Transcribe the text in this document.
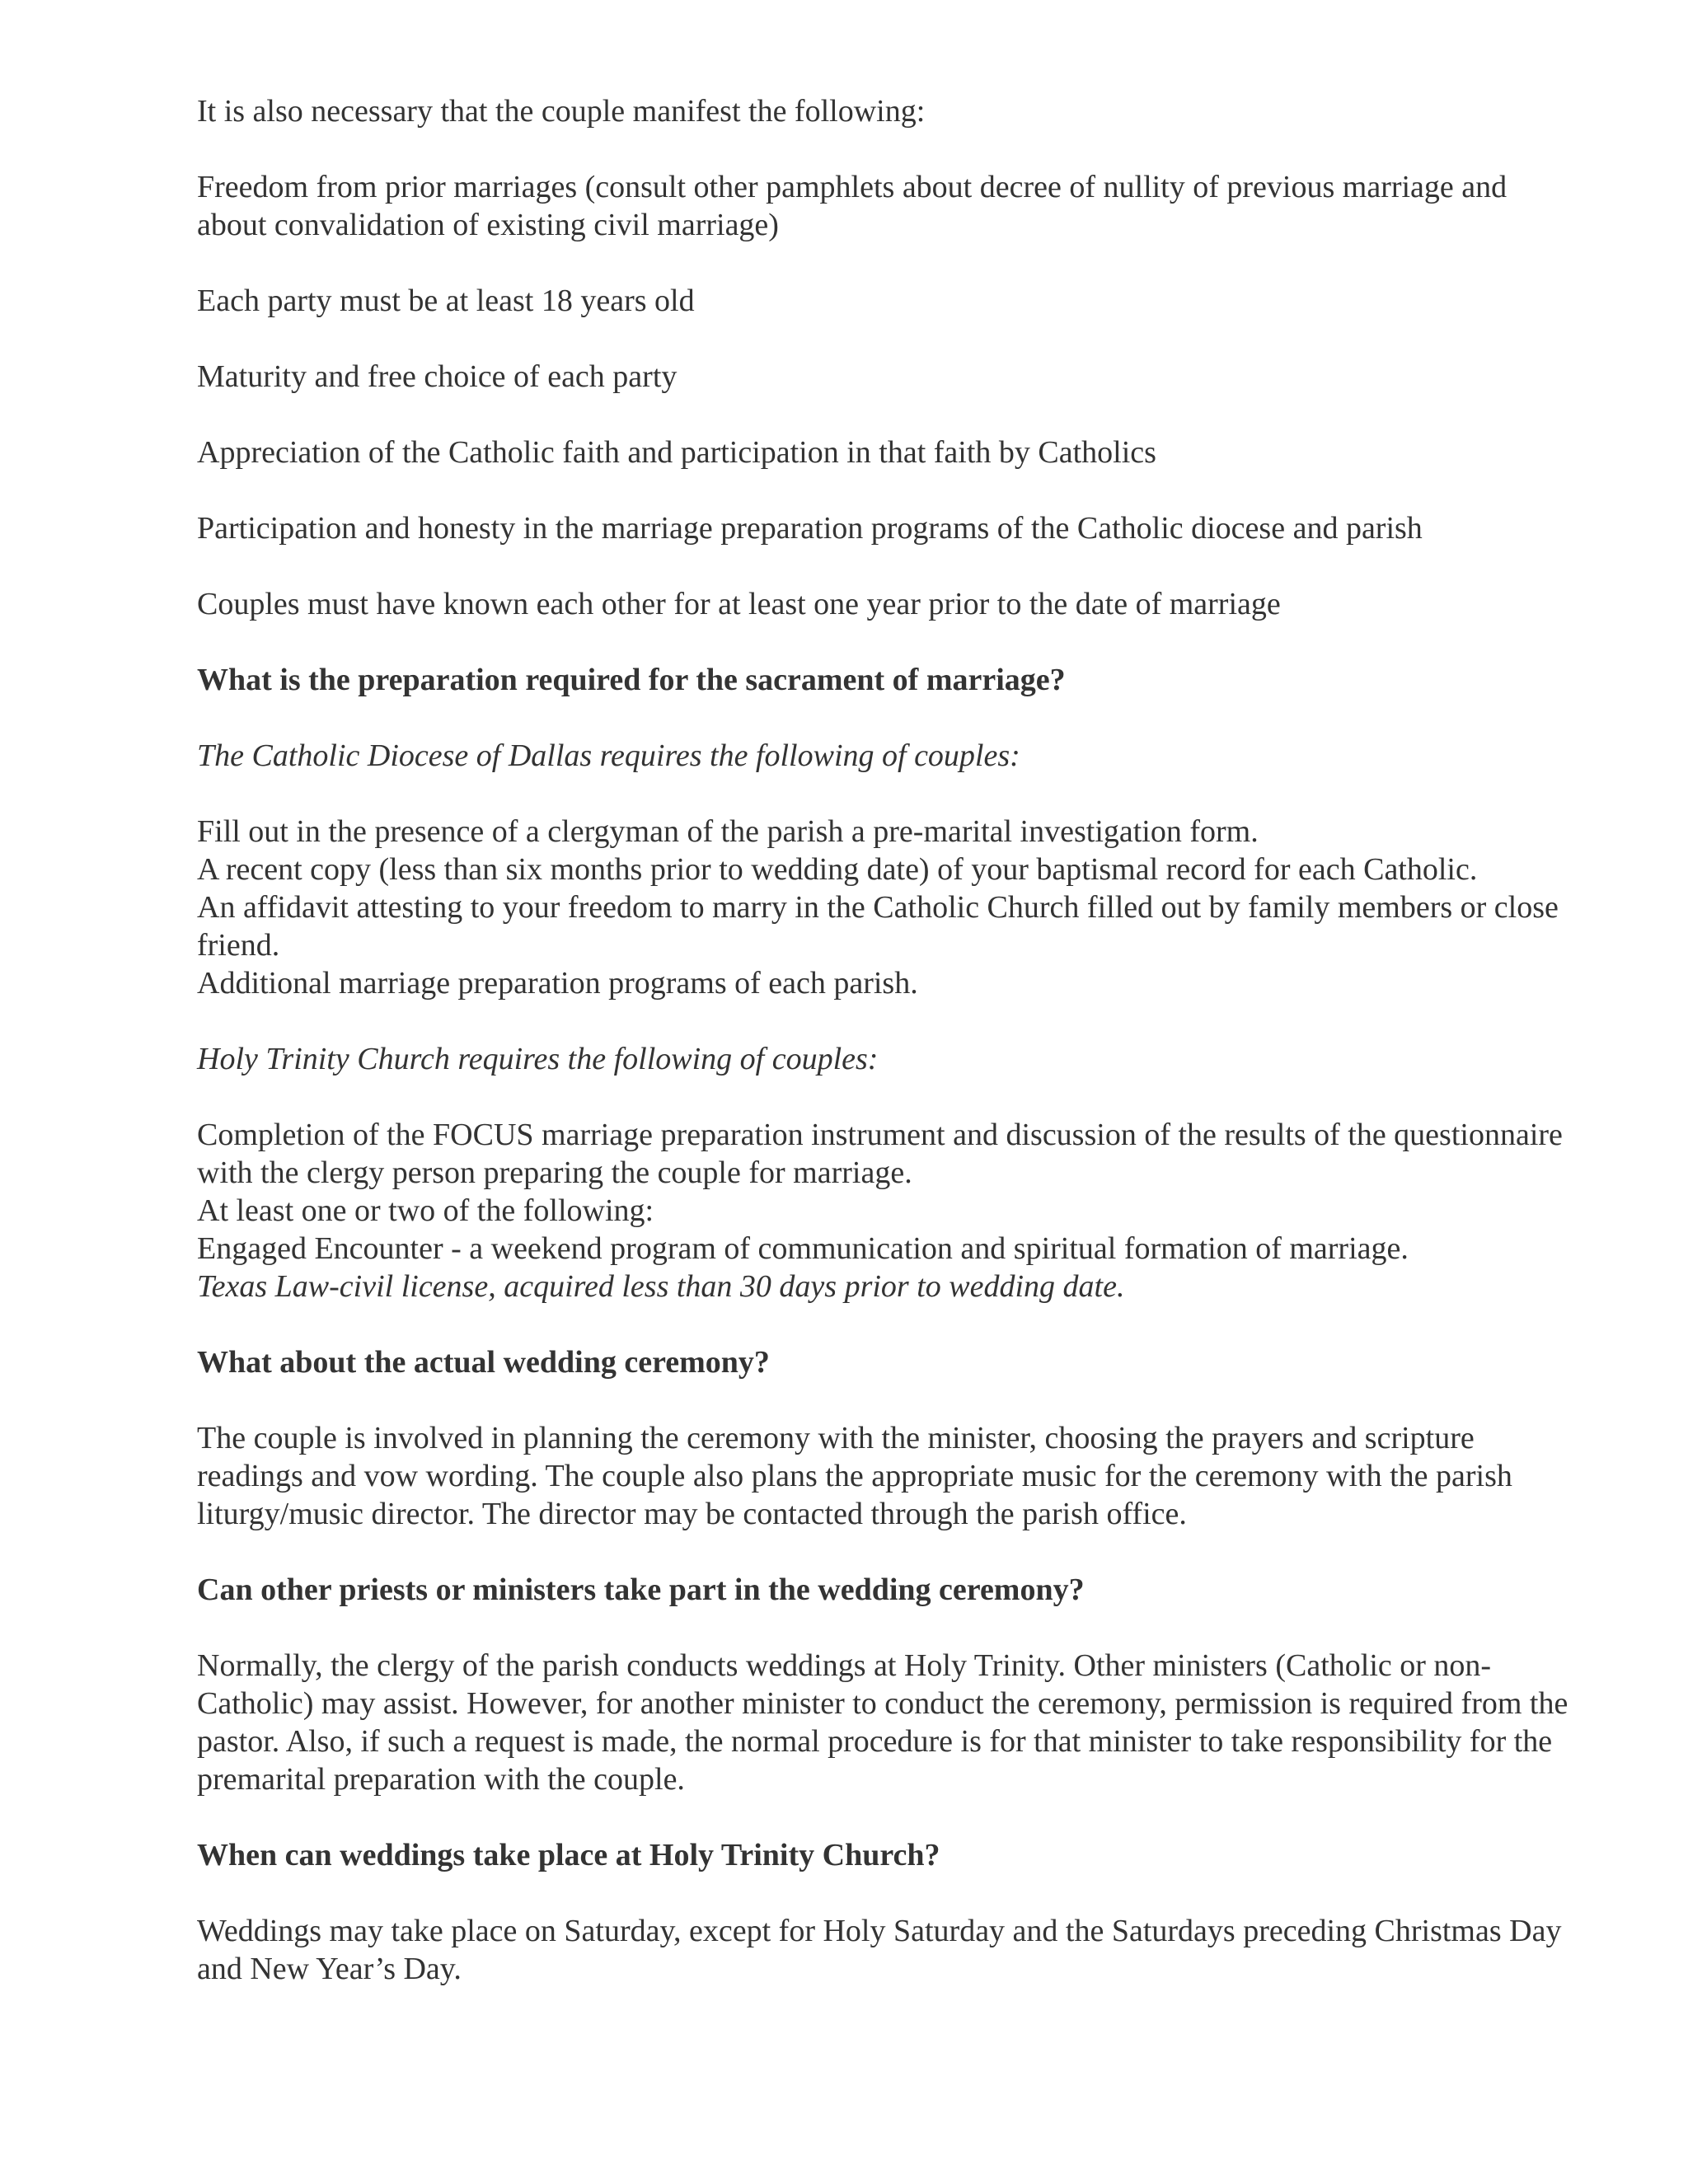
It is also necessary that the couple manifest the following:

Freedom from prior marriages (consult other pamphlets about decree of nullity of previous marriage and about convalidation of existing civil marriage)

Each party must be at least 18 years old

Maturity and free choice of each party

Appreciation of the Catholic faith and participation in that faith by Catholics

Participation and honesty in the marriage preparation programs of the Catholic diocese and parish

Couples must have known each other for at least one year prior to the date of marriage

What is the preparation required for the sacrament of marriage?

The Catholic Diocese of Dallas requires the following of couples:

Fill out in the presence of a clergyman of the parish a pre-marital investigation form.
A recent copy (less than six months prior to wedding date) of your baptismal record for each Catholic.
An affidavit attesting to your freedom to marry in the Catholic Church filled out by family members or close friend.
Additional marriage preparation programs of each parish.

Holy Trinity Church requires the following of couples:

Completion of the FOCUS marriage preparation instrument and discussion of the results of the questionnaire with the clergy person preparing the couple for marriage.
At least one or two of the following:
Engaged Encounter - a weekend program of communication and spiritual formation of marriage.
Texas Law-civil license, acquired less than 30 days prior to wedding date.

What about the actual wedding ceremony?

The couple is involved in planning the ceremony with the minister, choosing the prayers and scripture readings and vow wording. The couple also plans the appropriate music for the ceremony with the parish liturgy/music director. The director may be contacted through the parish office.

Can other priests or ministers take part in the wedding ceremony?

Normally, the clergy of the parish conducts weddings at Holy Trinity. Other ministers (Catholic or non-Catholic) may assist. However, for another minister to conduct the ceremony, permission is required from the pastor. Also, if such a request is made, the normal procedure is for that minister to take responsibility for the premarital preparation with the couple.

When can weddings take place at Holy Trinity Church?

Weddings may take place on Saturday, except for Holy Saturday and the Saturdays preceding Christmas Day and New Year’s Day.
